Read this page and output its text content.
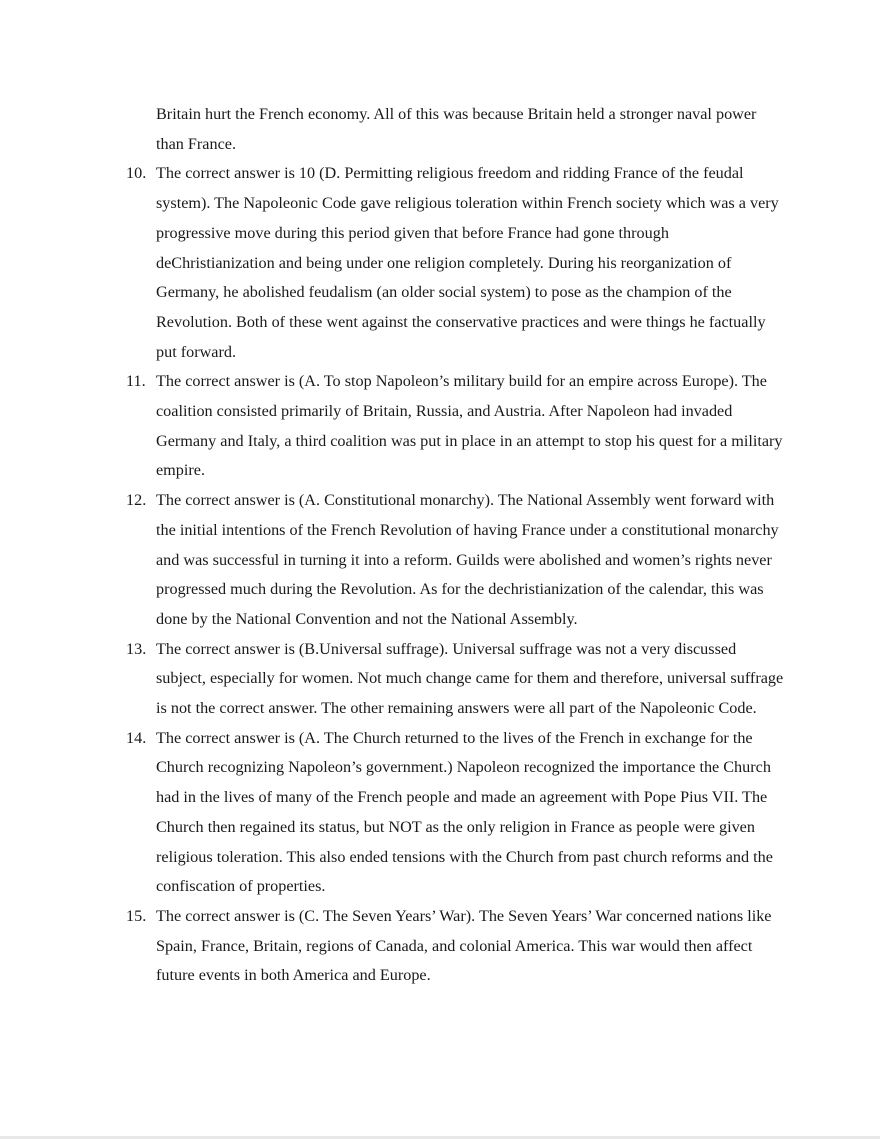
Britain hurt the French economy. All of this was because Britain held a stronger naval power than France.

10. The correct answer is 10 (D. Permitting religious freedom and ridding France of the feudal system). The Napoleonic Code gave religious toleration within French society which was a very progressive move during this period given that before France had gone through deChristianization and being under one religion completely. During his reorganization of Germany, he abolished feudalism (an older social system) to pose as the champion of the Revolution. Both of these went against the conservative practices and were things he factually put forward.
11. The correct answer is (A. To stop Napoleon’s military build for an empire across Europe). The coalition consisted primarily of Britain, Russia, and Austria. After Napoleon had invaded Germany and Italy, a third coalition was put in place in an attempt to stop his quest for a military empire.
12. The correct answer is (A. Constitutional monarchy). The National Assembly went forward with the initial intentions of the French Revolution of having France under a constitutional monarchy and was successful in turning it into a reform. Guilds were abolished and women’s rights never progressed much during the Revolution. As for the dechristianization of the calendar, this was done by the National Convention and not the National Assembly.
13. The correct answer is (B.Universal suffrage). Universal suffrage was not a very discussed subject, especially for women. Not much change came for them and therefore, universal suffrage is not the correct answer. The other remaining answers were all part of the Napoleonic Code.
14. The correct answer is (A. The Church returned to the lives of the French in exchange for the Church recognizing Napoleon’s government.) Napoleon recognized the importance the Church had in the lives of many of the French people and made an agreement with Pope Pius VII. The Church then regained its status, but NOT as the only religion in France as people were given religious toleration. This also ended tensions with the Church from past church reforms and the confiscation of properties.
15. The correct answer is (C. The Seven Years’ War). The Seven Years’ War concerned nations like Spain, France, Britain, regions of Canada, and colonial America. This war would then affect future events in both America and Europe.
